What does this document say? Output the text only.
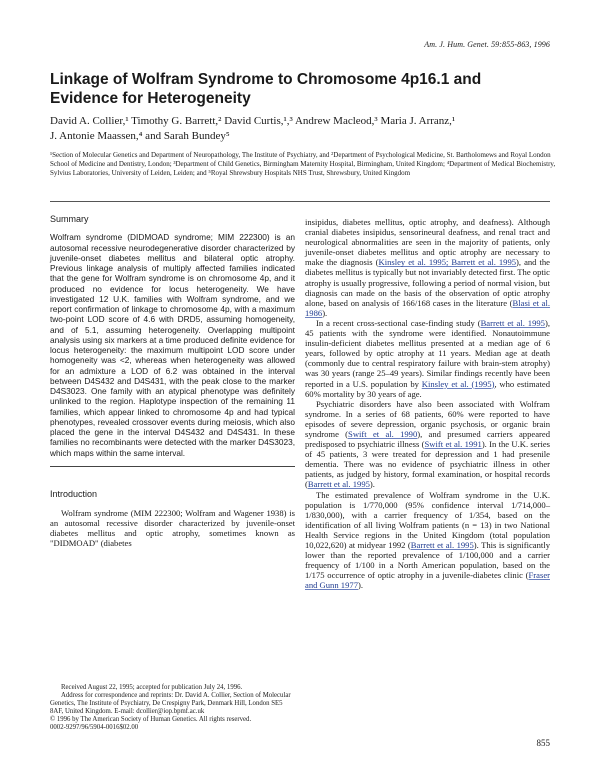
Am. J. Hum. Genet. 59:855-863, 1996
Linkage of Wolfram Syndrome to Chromosome 4p16.1 and Evidence for Heterogeneity
David A. Collier,¹ Timothy G. Barrett,² David Curtis,¹,³ Andrew Macleod,³ Maria J. Arranz,¹
J. Antonie Maassen,⁴ and Sarah Bundey⁵
¹Section of Molecular Genetics and Department of Neuropathology, The Institute of Psychiatry, and ²Department of Psychological Medicine, St. Bartholomews and Royal London School of Medicine and Dentistry, London; ³Department of Child Genetics, Birmingham Maternity Hospital, Birmingham, United Kingdom; ⁴Department of Medical Biochemistry, Sylvius Laboratories, University of Leiden, Leiden; and ⁵Royal Shrewsbury Hospitals NHS Trust, Shrewsbury, United Kingdom
Summary

Wolfram syndrome (DIDMOAD syndrome; MIM 222300) is an autosomal recessive neurodegenerative disorder characterized by juvenile-onset diabetes mellitus and bilateral optic atrophy. Previous linkage analysis of multiply affected families indicated that the gene for Wolfram syndrome is on chromosome 4p, and it produced no evidence for locus heterogeneity. We have investigated 12 U.K. families with Wolfram syndrome, and we report confirmation of linkage to chromosome 4p, with a maximum two-point LOD score of 4.6 with DRD5, assuming homogeneity, and of 5.1, assuming heterogeneity. Overlapping multipoint analysis using six markers at a time produced definite evidence for locus heterogeneity: the maximum multipoint LOD score under homogeneity was <2, whereas when heterogeneity was allowed for an admixture a LOD of 6.2 was obtained in the interval between D4S432 and D4S431, with the peak close to the marker D4S3023. One family with an atypical phenotype was definitely unlinked to the region. Haplotype inspection of the remaining 11 families, which appear linked to chromosome 4p and had typical phenotypes, revealed crossover events during meiosis, which also placed the gene in the interval D4S432 and D4S431. In these families no recombinants were detected with the marker D4S3023, which maps within the same interval.

Introduction

Wolfram syndrome (MIM 222300; Wolfram and Wagener 1938) is an autosomal recessive disorder characterized by juvenile-onset diabetes mellitus and optic atrophy, sometimes known as "DIDMOAD" (diabetes

Received August 22, 1995; accepted for publication July 24, 1996.

Address for correspondence and reprints: Dr. David A. Collier, Section of Molecular Genetics, The Institute of Psychiatry, De Crespigny Park, Denmark Hill, London SE5 8AF, United Kingdom. E-mail: dcollier@iop.bpmf.ac.uk

© 1996 by The American Society of Human Genetics. All rights reserved.

0002-9297/96/5904-0016$02.00

insipidus, diabetes mellitus, optic atrophy, and deafness). Although cranial diabetes insipidus, sensorineural deafness, and renal tract and neurological abnormalities are seen in the majority of patients, only juvenile-onset diabetes mellitus and optic atrophy are necessary to make the diagnosis (Kinsley et al. 1995; Barrett et al. 1995), and the diabetes mellitus is typically but not invariably detected first. The optic atrophy is usually progressive, following a period of normal vision, but diagnosis can made on the basis of the observation of optic atrophy alone, based on analysis of 166/168 cases in the literature (Blasi et al. 1986).

In a recent cross-sectional case-finding study (Barrett et al. 1995), 45 patients with the syndrome were identified. Nonautoimmune insulin-deficient diabetes mellitus presented at a median age of 6 years, followed by optic atrophy at 11 years. Median age at death (commonly due to central respiratory failure with brain-stem atrophy) was 30 years (range 25–49 years). Similar findings recently have been reported in a U.S. population by Kinsley et al. (1995), who estimated 60% mortality by 30 years of age.

Psychiatric disorders have also been associated with Wolfram syndrome. In a series of 68 patients, 60% were reported to have episodes of severe depression, organic psychosis, or organic brain syndrome (Swift et al. 1990), and presumed carriers appeared predisposed to psychiatric illness (Swift et al. 1991). In the U.K. series of 45 patients, 3 were treated for depression and 1 had presenile dementia. There was no evidence of psychiatric illness in other patients, as judged by history, formal examination, or hospital records (Barrett et al. 1995).

The estimated prevalence of Wolfram syndrome in the U.K. population is 1/770,000 (95% confidence interval 1/714,000–1/830,000), with a carrier frequency of 1/354, based on the identification of all living Wolfram patients (n = 13) in two National Health Service regions in the United Kingdom (total population 10,022,620) at midyear 1992 (Barrett et al. 1995). This is significantly lower than the reported prevalence of 1/100,000 and a carrier frequency of 1/100 in a North American population, based on the 1/175 occurrence of optic atrophy in a juvenile-diabetes clinic (Fraser and Gunn 1977).

855
